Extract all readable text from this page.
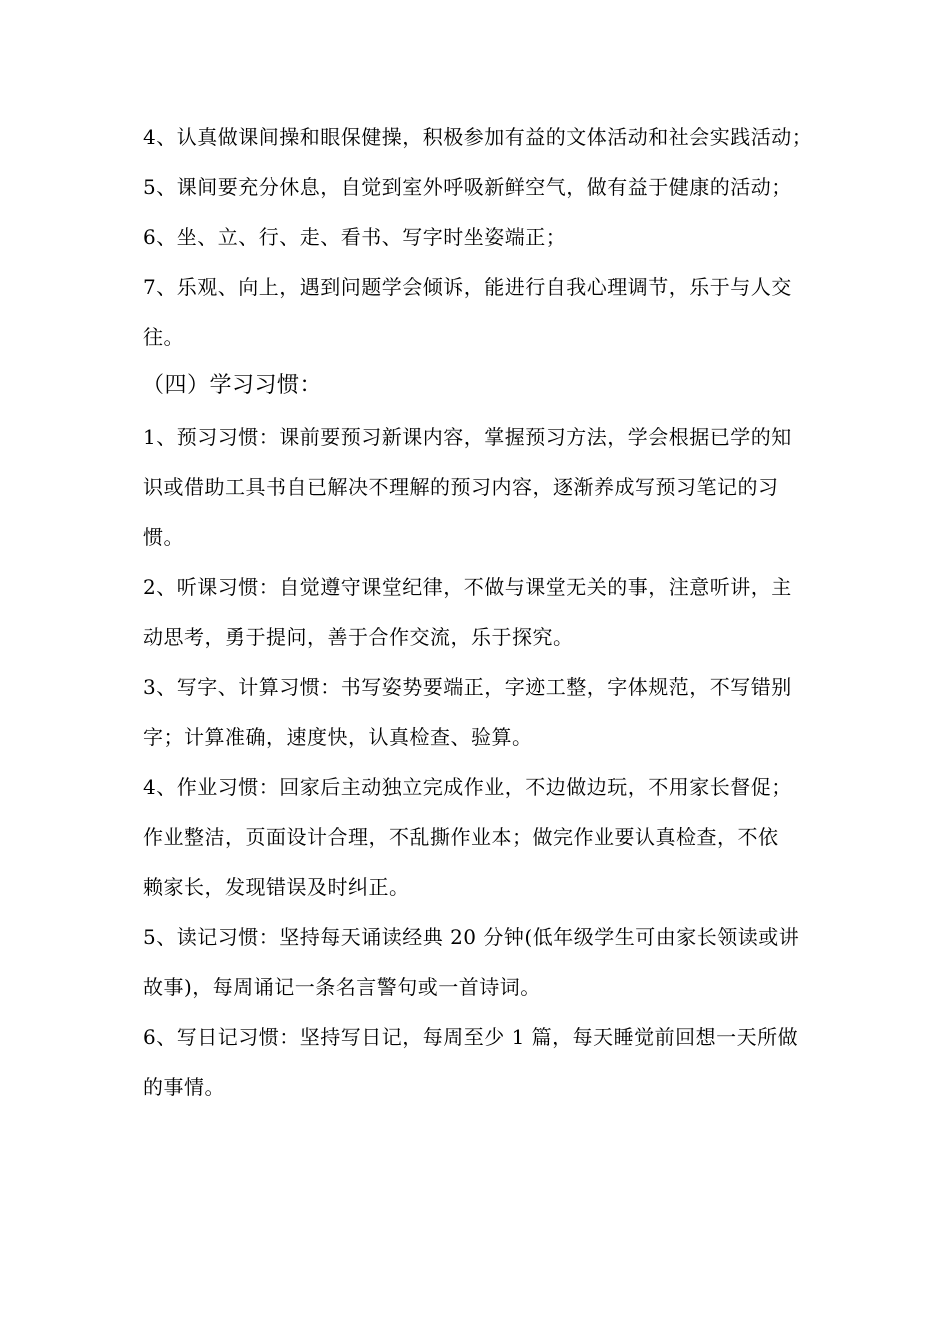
4、认真做课间操和眼保健操，积极参加有益的文体活动和社会实践活动；
5、课间要充分休息，自觉到室外呼吸新鲜空气，做有益于健康的活动；
6、坐、立、行、走、看书、写字时坐姿端正；
7、乐观、向上，遇到问题学会倾诉，能进行自我心理调节，乐于与人交
往。
（四）学习习惯：
1、预习习惯：课前要预习新课内容，掌握预习方法，学会根据已学的知
识或借助工具书自已解决不理解的预习内容，逐渐养成写预习笔记的习
惯。
2、听课习惯：自觉遵守课堂纪律，不做与课堂无关的事，注意听讲，主
动思考，勇于提问，善于合作交流，乐于探究。
3、写字、计算习惯：书写姿势要端正，字迹工整，字体规范，不写错别
字；计算准确，速度快，认真检查、验算。
4、作业习惯：回家后主动独立完成作业，不边做边玩，不用家长督促；
作业整洁，页面设计合理，不乱撕作业本；做完作业要认真检查，不依
赖家长，发现错误及时纠正。
5、读记习惯：坚持每天诵读经典 20 分钟(低年级学生可由家长领读或讲
故事)，每周诵记一条名言警句或一首诗词。
6、写日记习惯：坚持写日记，每周至少 1 篇，每天睡觉前回想一天所做
的事情。
